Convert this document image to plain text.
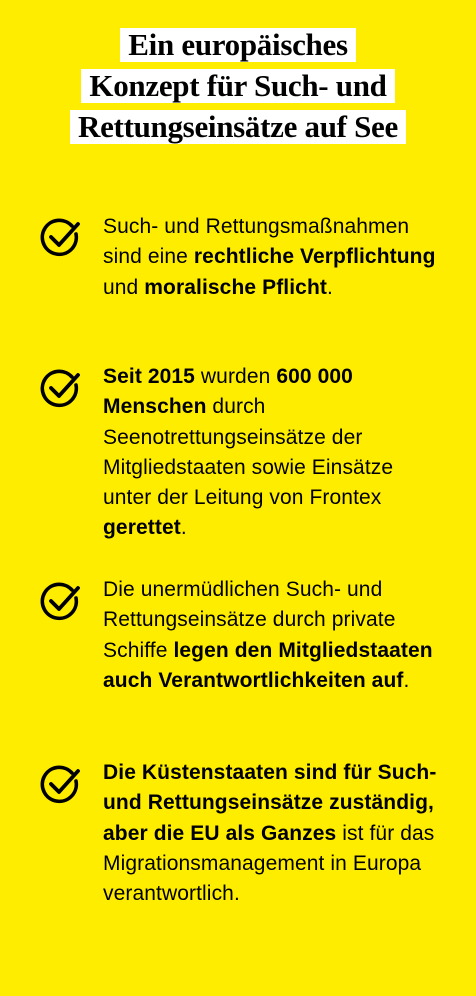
Ein europäisches
Konzept für Such- und
Rettungseinsätze auf See
Such- und Rettungsmaßnahmen sind eine rechtliche Verpflichtung und moralische Pflicht.
Seit 2015 wurden 600 000 Menschen durch Seenotrettungseinsätze der Mitgliedstaaten sowie Einsätze unter der Leitung von Frontex gerettet.
Die unermüdlichen Such- und Rettungseinsätze durch private Schiffe legen den Mitgliedstaaten auch Verantwortlichkeiten auf.
Die Küstenstaaten sind für Such- und Rettungseinsätze zuständig, aber die EU als Ganzes ist für das Migrationsmanagement in Europa verantwortlich.
